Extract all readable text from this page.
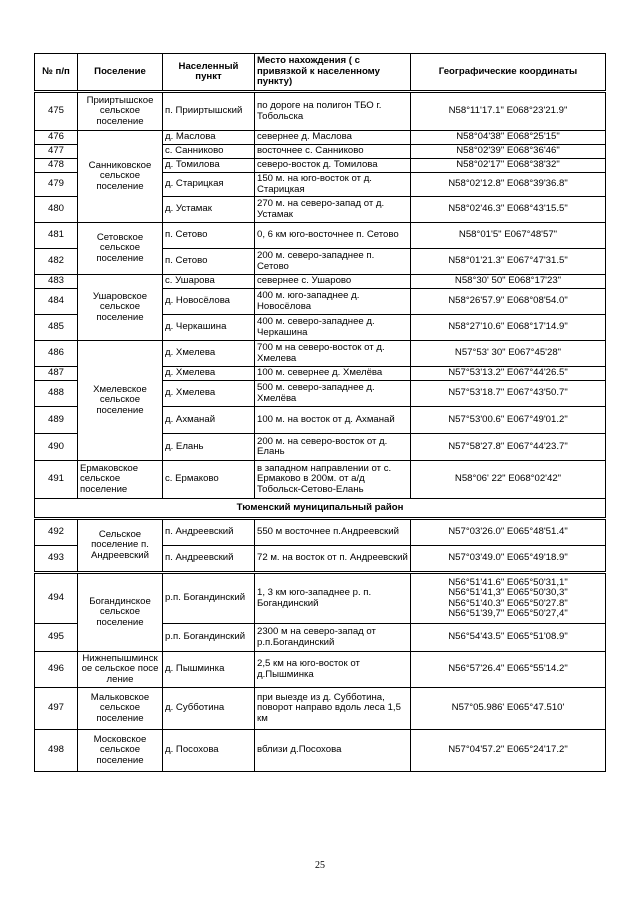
№ п/п	Поселение	Населенный пункт	Место нахождения ( с привязкой к населенному пункту)	Географические координаты

475	Прииртышское сельское поселение	п. Прииртышский	по дороге на полигон ТБО г. Тобольска	N58°11'17.1" E068°23'21.9"
476	Санниковское сельское поселение	д. Маслова	севернее д. Маслова	N58°04'38" E068°25'15"
477		с. Санниково	восточнее с. Санниково	N58°02'39" E068°36'46"
478		д. Томилова	северо-восток д. Томилова	N58°02'17" E068°38'32"
479		д. Старицкая	150 м. на юго-восток от д. Старицкая	N58°02'12.8" E068°39'36.8"
480		д. Устамак	270 м. на северо-запад от д. Устамак	N58°02'46.3" E068°43'15.5"
481	Сетовское сельское поселение	п. Сетово	0, 6 км юго-восточнее п. Сетово	N58°01'5" E067°48'57"
482		п. Сетово	200 м. северо-западнее п. Сетово	N58°01'21.3" E067°47'31.5"
483	Ушаровское сельское поселение	с. Ушарова	севернее с. Ушарово	N58°30' 50" E068°17'23"
484		д. Новосёлова	400 м. юго-западнее д. Новосёлова	N58°26'57.9" E068°08'54.0"
485		д. Черкашина	400 м. северо-западнее д. Черкашина	N58°27'10.6" E068°17'14.9"
486	Хмелевское сельское поселение	д. Хмелева	700 м на северо-восток от д. Хмелева	N57°53' 30" E067°45'28"
487		д. Хмелева	100 м. севернее д. Хмелёва	N57°53'13.2" E067°44'26.5"
488		д. Хмелева	500 м. северо-западнее д. Хмелёва	N57°53'18.7" E067°43'50.7"
489		д. Ахманай	100 м. на восток от д. Ахманай	N57°53'00.6" E067°49'01.2"
490		д. Елань	200 м. на северо-восток от д. Елань	N57°58'27.8" E067°44'23.7"
491	Ермаковское сельское поселение	с. Ермаково	в западном направлении от с. Ермаково в 200м. от а/д Тобольск-Сетово-Елань	N58°06' 22" E068°02'42"
Тюменский муниципальный район				

492	Сельское поселение п. Андреевский	п. Андреевский	550 м восточнее п.Андреевский	N57°03'26.0" E065°48'51.4"
493		п. Андреевский	72 м. на восток от п. Андреевский	N57°03'49.0" E065°49'18.9"

494	Богандинское сельское поселение	р.п. Богандинский	1, 3 км юго-западнее р. п. Богандинский	N56°51'41.6" E065°50'31,1"
N56°51'41,3" E065°50'30,3"
N56°51'40.3" E065°50'27.8"
N56°51'39,7" E065°50'27,4"
495		р.п. Богандинский	2300 м на северо-запад от р.п.Богандинский	N56°54'43.5" E065°51'08.9"
496	Нижнепышминское сельское поселение	д. Пышминка	2,5 км на юго-восток от д.Пышминка	N56°57'26.4" E065°55'14.2"
497	Мальковское сельское поселение	д. Субботина	при выезде из д. Субботина, поворот направо вдоль леса 1,5 км	N57°05.986' E065°47.510'
498	Московское сельское поселение	д. Посохова	вблизи д.Посохова	N57°04'57.2" E065°24'17.2"
25
